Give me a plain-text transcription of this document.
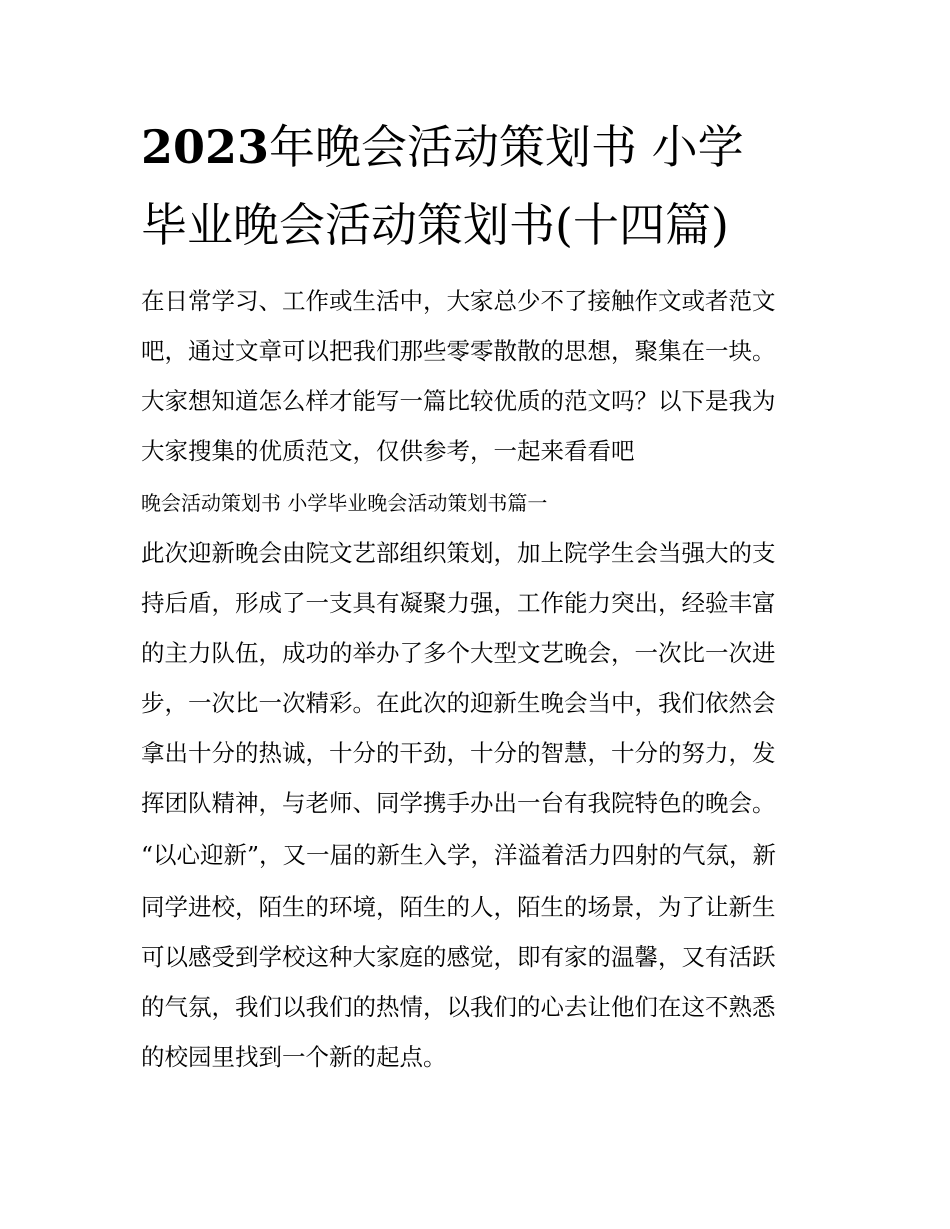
2023年晚会活动策划书 小学
毕业晚会活动策划书(十四篇)

在日常学习、工作或生活中，大家总少不了接触作文或者范文

吧，通过文章可以把我们那些零零散散的思想，聚集在一块。

大家想知道怎么样才能写一篇比较优质的范文吗？以下是我为

大家搜集的优质范文，仅供参考，一起来看看吧

晚会活动策划书 小学毕业晚会活动策划书篇一

此次迎新晚会由院文艺部组织策划，加上院学生会当强大的支

持后盾，形成了一支具有凝聚力强，工作能力突出，经验丰富

的主力队伍，成功的举办了多个大型文艺晚会，一次比一次进

步，一次比一次精彩。在此次的迎新生晚会当中，我们依然会

拿出十分的热诚，十分的干劲，十分的智慧，十分的努力，发

挥团队精神，与老师、同学携手办出一台有我院特色的晚会。

“以心迎新”，又一届的新生入学，洋溢着活力四射的气氛，新

同学进校，陌生的环境，陌生的人，陌生的场景，为了让新生

可以感受到学校这种大家庭的感觉，即有家的温馨，又有活跃

的气氛，我们以我们的热情，以我们的心去让他们在这不熟悉

的校园里找到一个新的起点。
